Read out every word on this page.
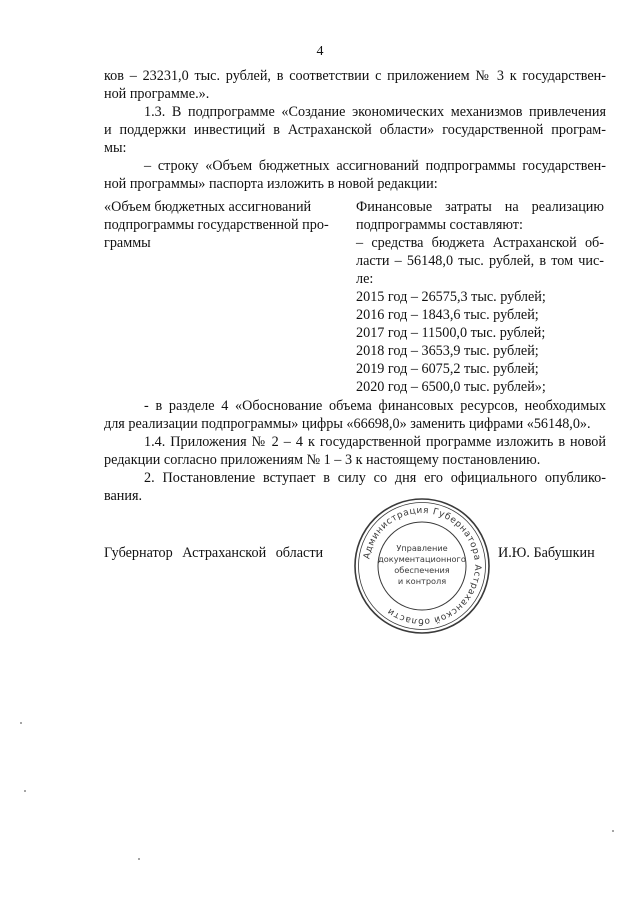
4
ков – 23231,0 тыс. рублей, в соответствии с приложением № 3 к государствен-
ной программе.».
1.3. В подпрограмме «Создание экономических механизмов привлечения
и поддержки инвестиций в Астраханской области» государственной програм-
мы:
– строку «Объем бюджетных ассигнований подпрограммы государствен-
ной программы» паспорта изложить в новой редакции:
«Объем бюджетных ассигнований
подпрограммы государственной про-
граммы
Финансовые затраты на реализацию
подпрограммы составляют:
– средства бюджета Астраханской об-
ласти – 56148,0 тыс. рублей, в том чис-
ле:
2015 год – 26575,3 тыс. рублей;
2016 год – 1843,6 тыс. рублей;
2017 год – 11500,0 тыс. рублей;
2018 год – 3653,9 тыс. рублей;
2019 год – 6075,2 тыс. рублей;
2020 год – 6500,0 тыс. рублей»;
- в разделе 4 «Обоснование объема финансовых ресурсов, необходимых
для реализации подпрограммы» цифры «66698,0» заменить цифрами «56148,0».
1.4. Приложения № 2 – 4 к государственной программе изложить в новой
редакции согласно приложениям № 1 – 3 к настоящему постановлению.
2. Постановление вступает в силу со дня его официального опублико-
вания.
Губернатор Астраханской области	И.Ю. Бабушкин
Администрация Губернатора Астраханской области
Управление
документационного
обеспечения
и контроля
